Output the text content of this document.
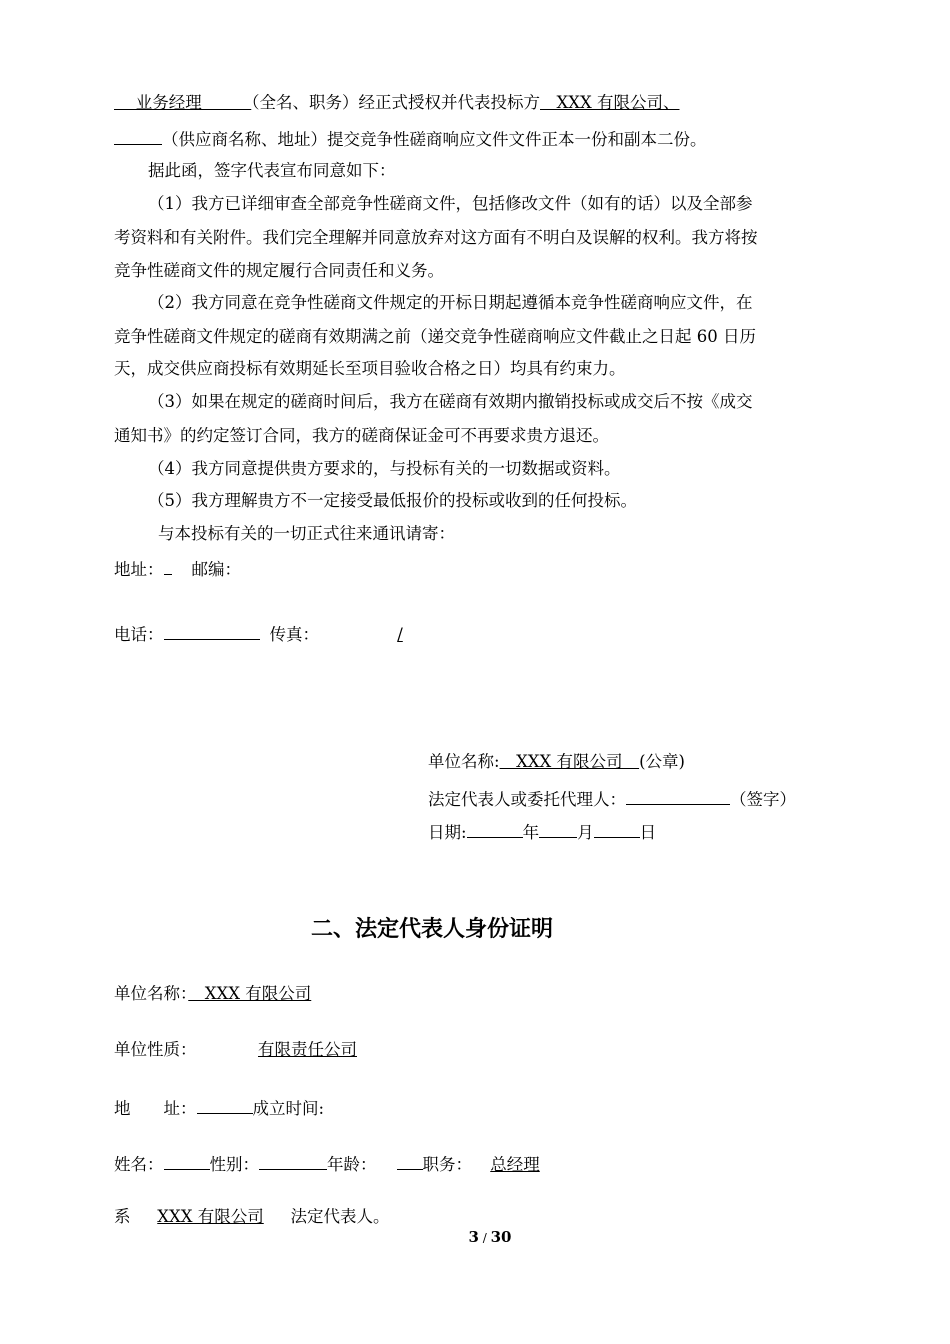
　 业务经理　　　（全名、职务）经正式授权并代表投标方　XXX 有限公司、
（供应商名称、地址）提交竞争性磋商响应文件文件正本一份和副本二份。
据此函，签字代表宣布同意如下：
（1）我方已详细审查全部竞争性磋商文件，包括修改文件（如有的话）以及全部参
考资料和有关附件。我们完全理解并同意放弃对这方面有不明白及误解的权利。我方将按
竞争性磋商文件的规定履行合同责任和义务。
（2）我方同意在竞争性磋商文件规定的开标日期起遵循本竞争性磋商响应文件，在
竞争性磋商文件规定的磋商有效期满之前（递交竞争性磋商响应文件截止之日起 60 日历
天，成交供应商投标有效期延长至项目验收合格之日）均具有约束力。
（3）如果在规定的磋商时间后，我方在磋商有效期内撤销投标或成交后不按《成交
通知书》的约定签订合同，我方的磋商保证金可不再要求贵方退还。
（4）我方同意提供贵方要求的，与投标有关的一切数据或资料。
（5）我方理解贵方不一定接受最低报价的投标或收到的任何投标。
与本投标有关的一切正式往来通讯请寄：
地址： 邮编：
电话：	传真：	/
单位名称:　XXX 有限公司　(公章)
法定代表人或委托代理人：	（签字）
日期:	年 月	日
二、法定代表人身份证明
单位名称：　XXX 有限公司
单位性质：	有限责任公司
地　　址：	成立时间:
姓名：	性别：	年龄：	职务： 总经理
系 XXX 有限公司 法定代表人。
3 / 30
